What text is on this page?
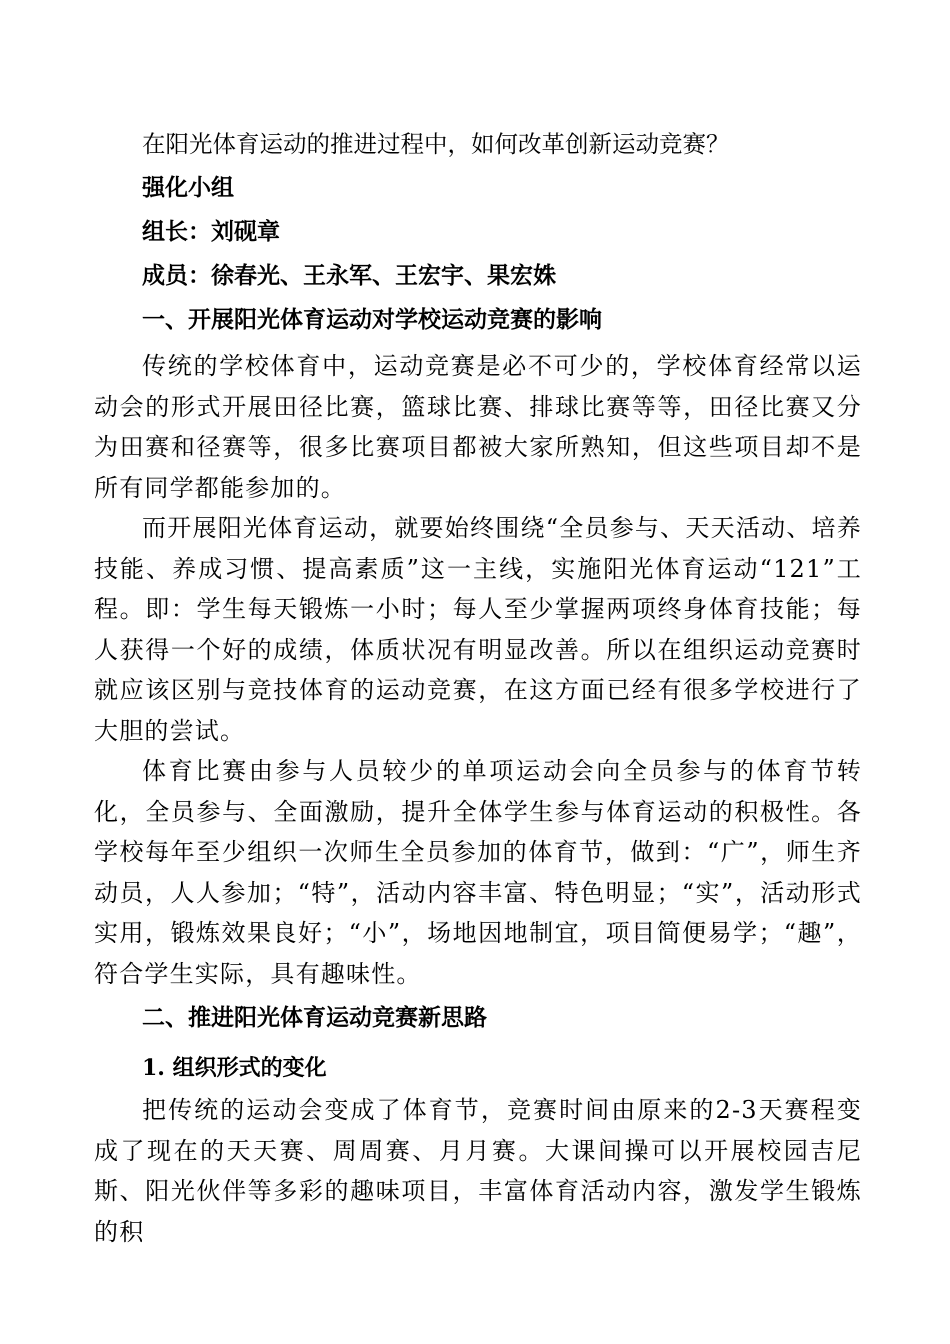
在阳光体育运动的推进过程中，如何改革创新运动竞赛？

强化小组

组长：刘砚章

成员：徐春光、王永军、王宏宇、果宏姝

一、开展阳光体育运动对学校运动竞赛的影响

传统的学校体育中，运动竞赛是必不可少的，学校体育经常以运动会的形式开展田径比赛，篮球比赛、排球比赛等等，田径比赛又分为田赛和径赛等，很多比赛项目都被大家所熟知，但这些项目却不是所有同学都能参加的。

而开展阳光体育运动，就要始终围绕“全员参与、天天活动、培养技能、养成习惯、提高素质”这一主线，实施阳光体育运动“121”工程。即：学生每天锻炼一小时；每人至少掌握两项终身体育技能；每人获得一个好的成绩，体质状况有明显改善。所以在组织运动竞赛时就应该区别与竞技体育的运动竞赛，在这方面已经有很多学校进行了大胆的尝试。

体育比赛由参与人员较少的单项运动会向全员参与的体育节转化，全员参与、全面激励，提升全体学生参与体育运动的积极性。各学校每年至少组织一次师生全员参加的体育节，做到：“广”，师生齐动员，人人参加；“特”，活动内容丰富、特色明显；“实”，活动形式实用，锻炼效果良好；“小”，场地因地制宜，项目简便易学；“趣”，符合学生实际，具有趣味性。

二、推进阳光体育运动竞赛新思路

1. 组织形式的变化

把传统的运动会变成了体育节，竞赛时间由原来的2-3天赛程变成了现在的天天赛、周周赛、月月赛。大课间操可以开展校园吉尼斯、阳光伙伴等多彩的趣味项目，丰富体育活动内容，激发学生锻炼的积
